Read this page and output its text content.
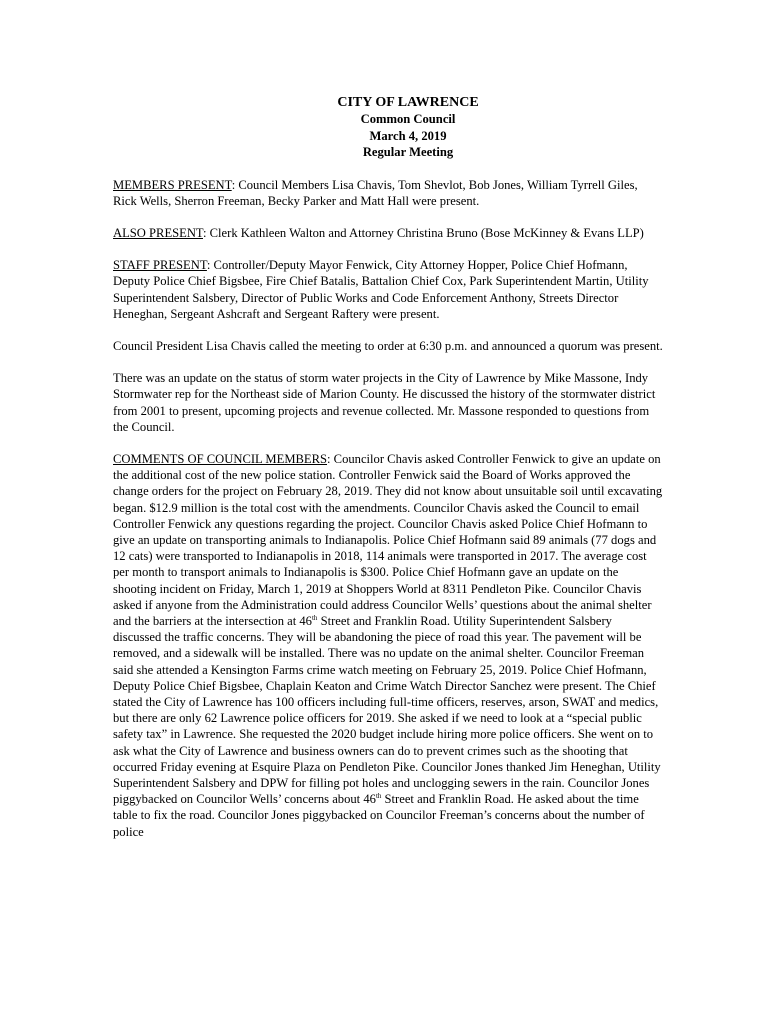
CITY OF LAWRENCE
Common Council
March 4, 2019
Regular Meeting

MEMBERS PRESENT: Council Members Lisa Chavis, Tom Shevlot, Bob Jones, William Tyrrell Giles, Rick Wells, Sherron Freeman, Becky Parker and Matt Hall were present.

ALSO PRESENT: Clerk Kathleen Walton and Attorney Christina Bruno (Bose McKinney & Evans LLP)

STAFF PRESENT: Controller/Deputy Mayor Fenwick, City Attorney Hopper, Police Chief Hofmann, Deputy Police Chief Bigsbee, Fire Chief Batalis, Battalion Chief Cox, Park Superintendent Martin, Utility Superintendent Salsbery, Director of Public Works and Code Enforcement Anthony, Streets Director Heneghan, Sergeant Ashcraft and Sergeant Raftery were present.

Council President Lisa Chavis called the meeting to order at 6:30 p.m. and announced a quorum was present.

There was an update on the status of storm water projects in the City of Lawrence by Mike Massone, Indy Stormwater rep for the Northeast side of Marion County. He discussed the history of the stormwater district from 2001 to present, upcoming projects and revenue collected. Mr. Massone responded to questions from the Council.

COMMENTS OF COUNCIL MEMBERS: Councilor Chavis asked Controller Fenwick to give an update on the additional cost of the new police station. Controller Fenwick said the Board of Works approved the change orders for the project on February 28, 2019. They did not know about unsuitable soil until excavating began. $12.9 million is the total cost with the amendments. Councilor Chavis asked the Council to email Controller Fenwick any questions regarding the project. Councilor Chavis asked Police Chief Hofmann to give an update on transporting animals to Indianapolis. Police Chief Hofmann said 89 animals (77 dogs and 12 cats) were transported to Indianapolis in 2018, 114 animals were transported in 2017. The average cost per month to transport animals to Indianapolis is $300. Police Chief Hofmann gave an update on the shooting incident on Friday, March 1, 2019 at Shoppers World at 8311 Pendleton Pike. Councilor Chavis asked if anyone from the Administration could address Councilor Wells’ questions about the animal shelter and the barriers at the intersection at 46th Street and Franklin Road. Utility Superintendent Salsbery discussed the traffic concerns. They will be abandoning the piece of road this year. The pavement will be removed, and a sidewalk will be installed. There was no update on the animal shelter. Councilor Freeman said she attended a Kensington Farms crime watch meeting on February 25, 2019. Police Chief Hofmann, Deputy Police Chief Bigsbee, Chaplain Keaton and Crime Watch Director Sanchez were present. The Chief stated the City of Lawrence has 100 officers including full-time officers, reserves, arson, SWAT and medics, but there are only 62 Lawrence police officers for 2019. She asked if we need to look at a “special public safety tax” in Lawrence. She requested the 2020 budget include hiring more police officers. She went on to ask what the City of Lawrence and business owners can do to prevent crimes such as the shooting that occurred Friday evening at Esquire Plaza on Pendleton Pike. Councilor Jones thanked Jim Heneghan, Utility Superintendent Salsbery and DPW for filling pot holes and unclogging sewers in the rain. Councilor Jones piggybacked on Councilor Wells’ concerns about 46th Street and Franklin Road. He asked about the time table to fix the road. Councilor Jones piggybacked on Councilor Freeman’s concerns about the number of police
